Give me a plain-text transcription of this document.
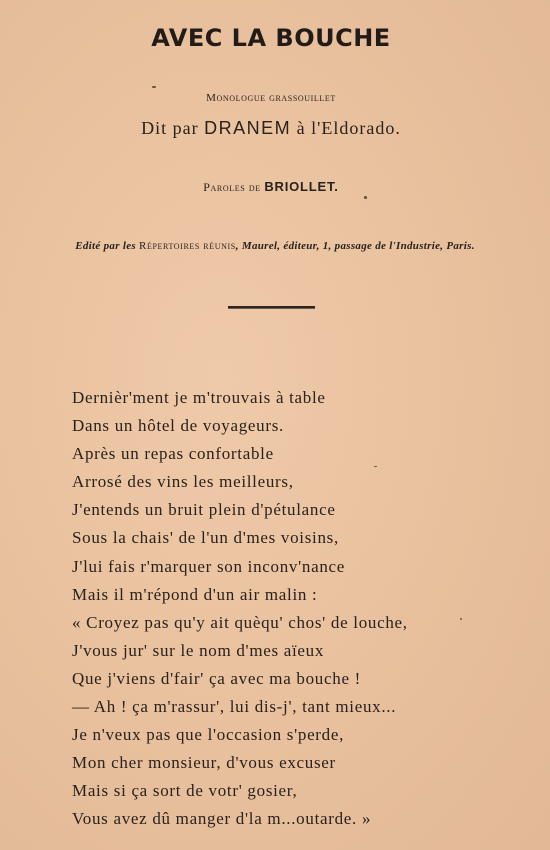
AVEC LA BOUCHE
Monologue grassouillet
Dit par DRANEM à l'Eldorado.
Paroles de BRIOLLET.
Edité par les Répertoires réunis, Maurel, éditeur, 1, passage de l'Industrie, Paris.
Dernièr'ment je m'trouvais à table
Dans un hôtel de voyageurs.
Après un repas confortable
Arrosé des vins les meilleurs,
J'entends un bruit plein d'pétulance
Sous la chais' de l'un d'mes voisins,
J'lui fais r'marquer son inconv'nance
Mais il m'répond d'un air malin :
« Croyez pas qu'y ait quèqu' chos' de louche,
J'vous jur' sur le nom d'mes aïeux
Que j'viens d'fair' ça avec ma bouche !
— Ah ! ça m'rassur', lui dis-j', tant mieux...
Je n'veux pas que l'occasion s'perde,
Mon cher monsieur, d'vous excuser
Mais si ça sort de votr' gosier,
Vous avez dû manger d'la m...outarde. »
